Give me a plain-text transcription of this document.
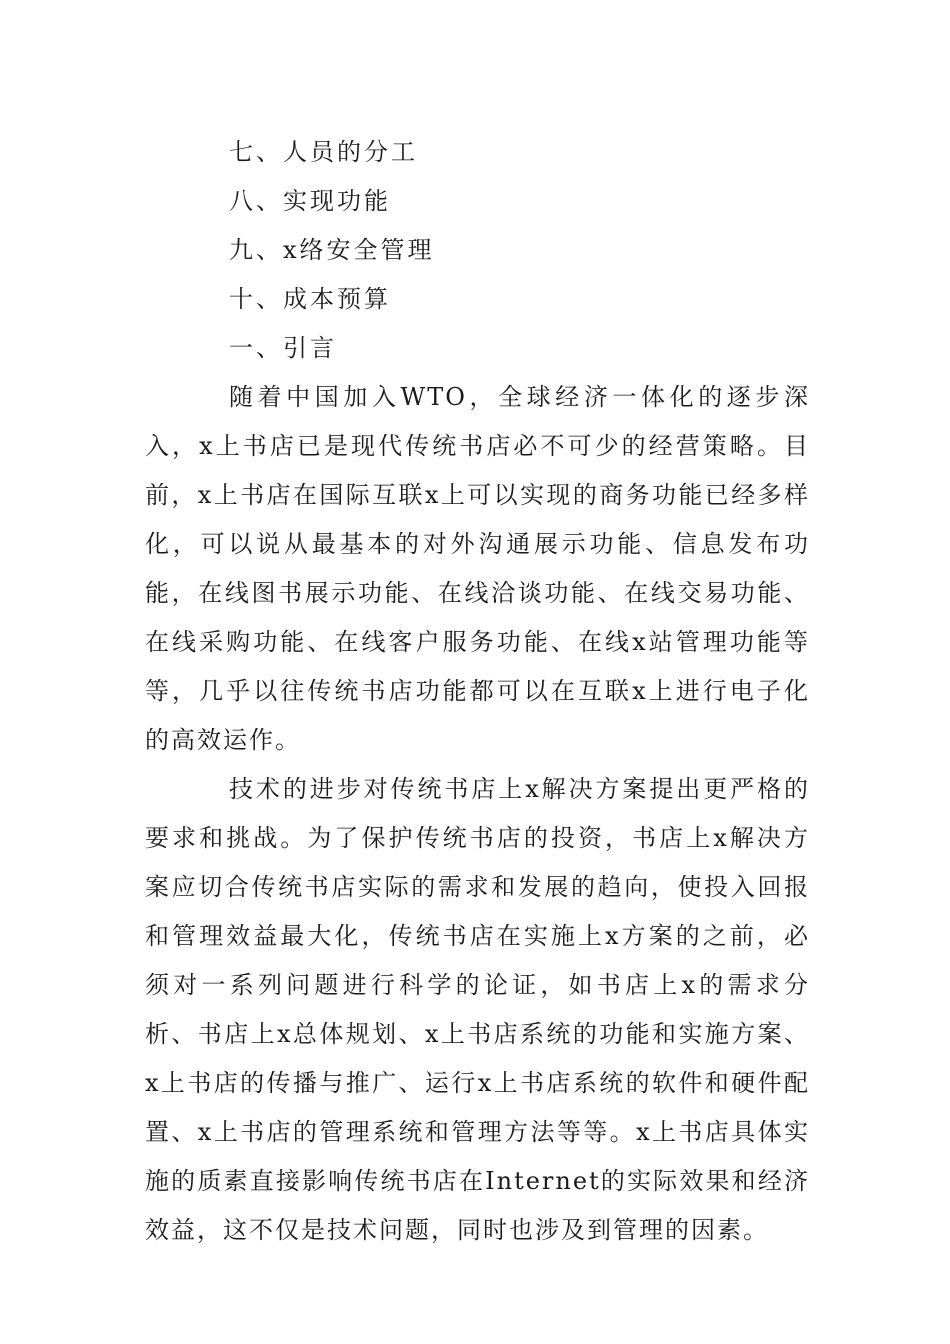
七、人员的分工
八、实现功能
九、x络安全管理
十、成本预算
一、引言

随着中国加入WTO，全球经济一体化的逐步深入，x上书店已是现代传统书店必不可少的经营策略。目前，x上书店在国际互联x上可以实现的商务功能已经多样化，可以说从最基本的对外沟通展示功能、信息发布功能，在线图书展示功能、在线洽谈功能、在线交易功能、在线采购功能、在线客户服务功能、在线x站管理功能等等，几乎以往传统书店功能都可以在互联x上进行电子化的高效运作。

技术的进步对传统书店上x解决方案提出更严格的要求和挑战。为了保护传统书店的投资，书店上x解决方案应切合传统书店实际的需求和发展的趋向，使投入回报和管理效益最大化，传统书店在实施上x方案的之前，必须对一系列问题进行科学的论证，如书店上x的需求分析、书店上x总体规划、x上书店系统的功能和实施方案、x上书店的传播与推广、运行x上书店系统的软件和硬件配置、x上书店的管理系统和管理方法等等。x上书店具体实施的质素直接影响传统书店在Internet的实际效果和经济效益，这不仅是技术问题，同时也涉及到管理的因素。
